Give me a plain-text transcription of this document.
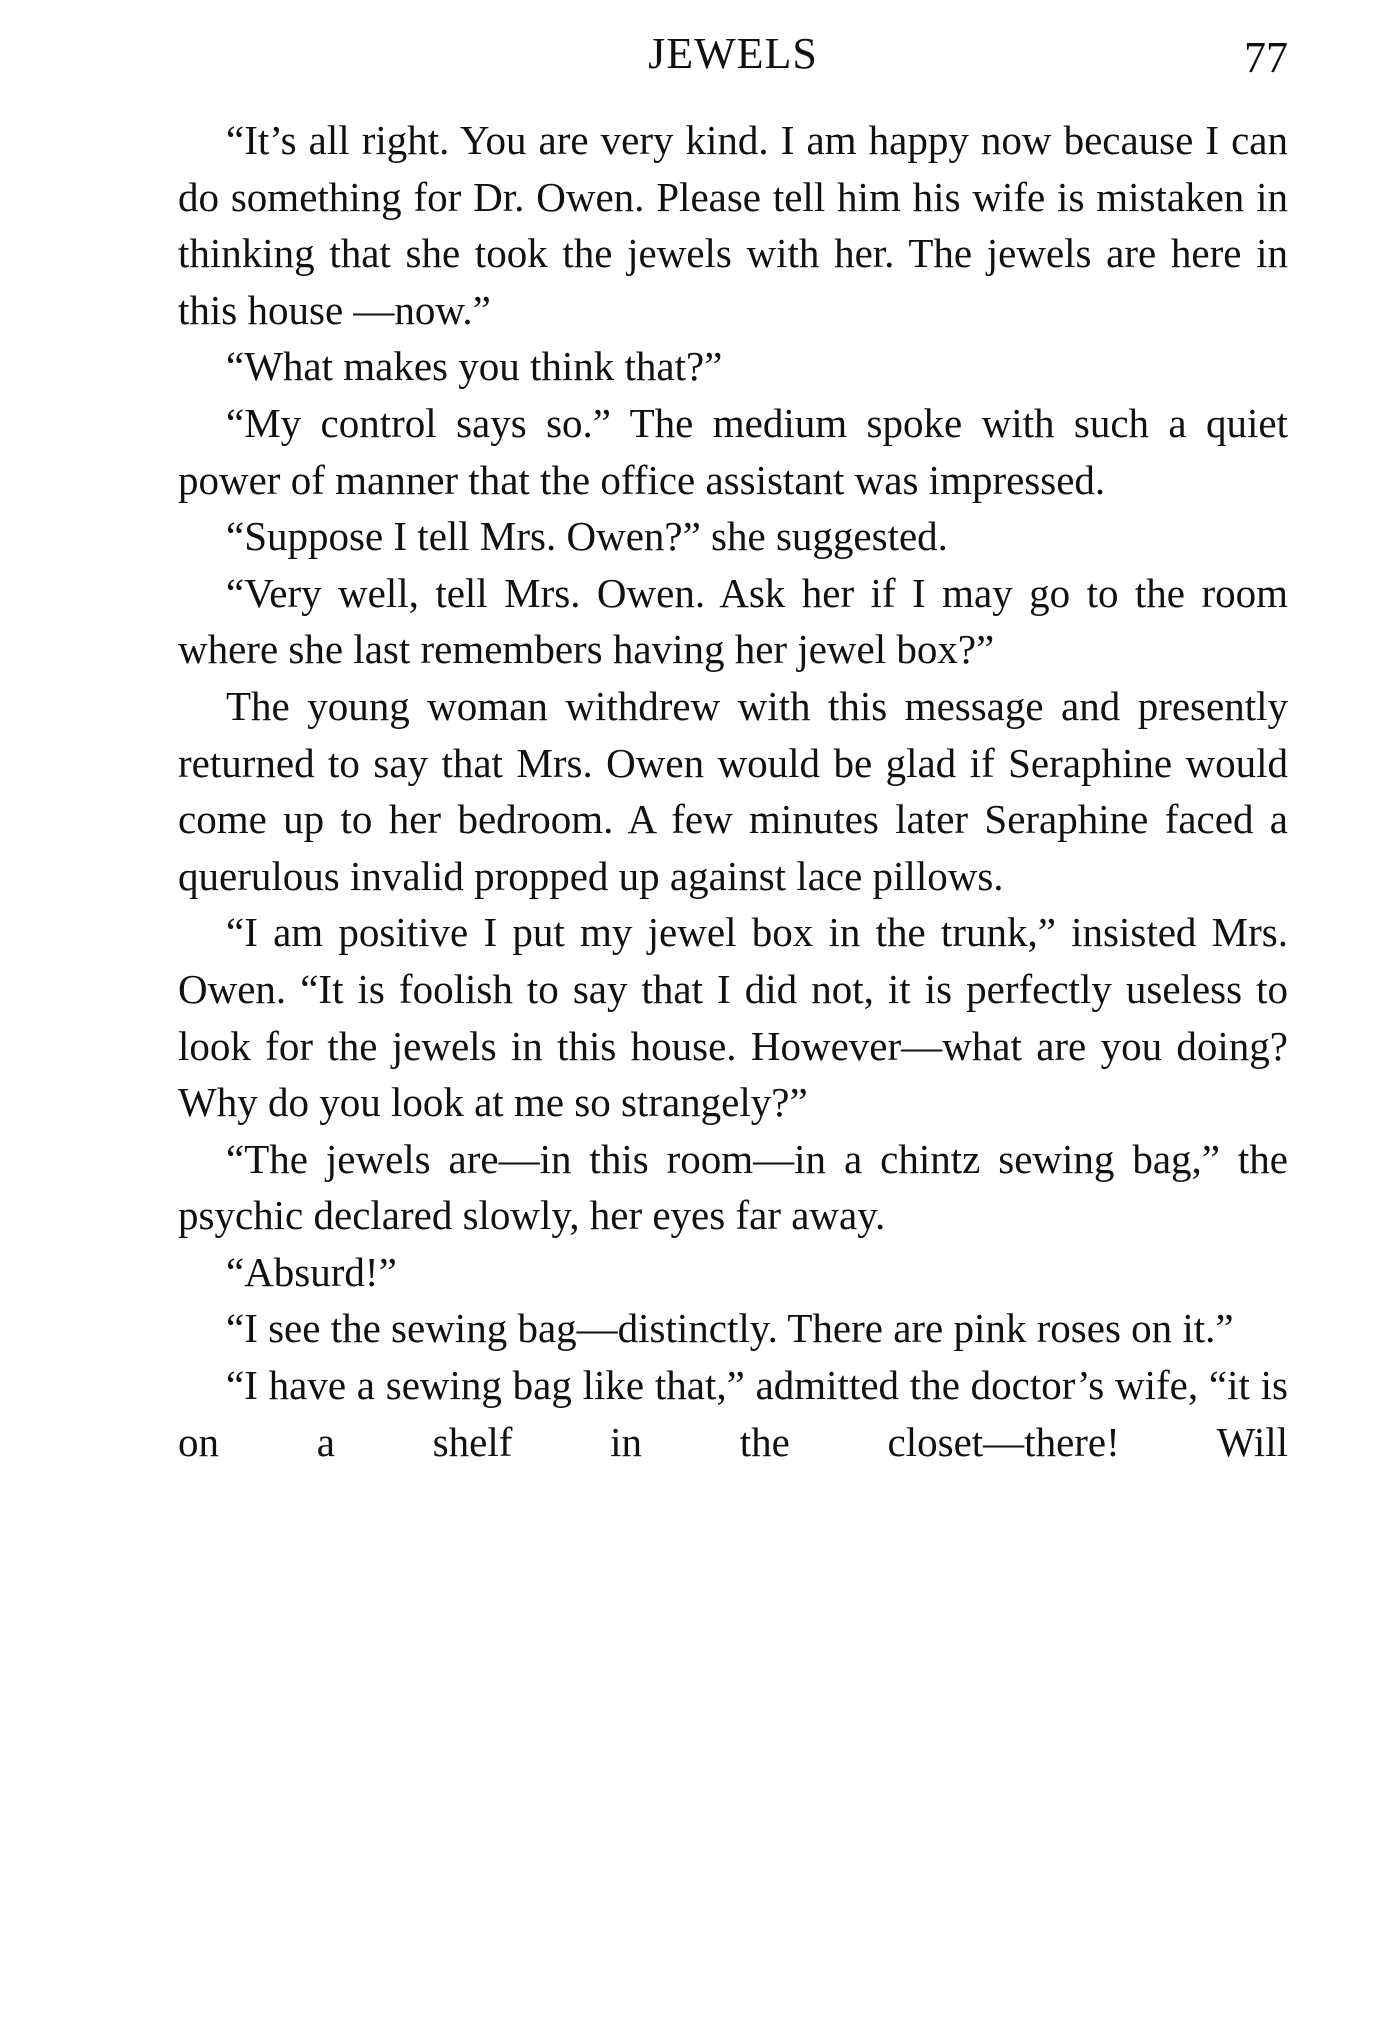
JEWELS	77

“It’s all right. You are very kind. I am happy now because I can do something for Dr. Owen. Please tell him his wife is mistaken in thinking that she took the jewels with her. The jewels are here in this house —now.”

“What makes you think that?”

“My control says so.” The medium spoke with such a quiet power of manner that the office assistant was impressed.

“Suppose I tell Mrs. Owen?” she suggested.

“Very well, tell Mrs. Owen. Ask her if I may go to the room where she last remembers having her jewel box?”

The young woman withdrew with this message and presently returned to say that Mrs. Owen would be glad if Seraphine would come up to her bedroom. A few minutes later Seraphine faced a querulous invalid propped up against lace pillows.

“I am positive I put my jewel box in the trunk,” insisted Mrs. Owen. “It is foolish to say that I did not, it is perfectly useless to look for the jewels in this house. However—what are you doing? Why do you look at me so strangely?”

“The jewels are—in this room—in a chintz sewing bag,” the psychic declared slowly, her eyes far away.

“Absurd!”

“I see the sewing bag—distinctly. There are pink roses on it.”

“I have a sewing bag like that,” admitted the doctor’s wife, “it is on a shelf in the closet—there! Will
